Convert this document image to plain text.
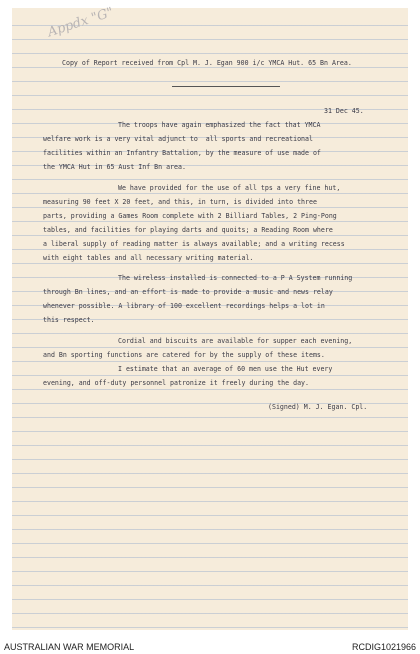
Appdx "G"
Copy of Report received from Cpl M. J. Egan 900 i/c YMCA Hut. 65 Bn Area.
31 Dec 45.
The troops have again emphasized the fact that YMCA
welfare work is a very vital adjunct to  all sports and recreational
facilities within an Infantry Battalion, by the measure of use made of
the YMCA Hut in 65 Aust Inf Bn area.
We have provided for the use of all tps a very fine hut,
measuring 90 feet X 20 feet, and this, in turn, is divided into three
parts, providing a Games Room complete with 2 Billiard Tables, 2 Ping-Pong
tables, and facilities for playing darts and quoits; a Reading Room where
a liberal supply of reading matter is always available; and a writing recess
with eight tables and all necessary writing material.
The wireless installed is connected to a P A System running
through Bn lines, and an effort is made to provide a music and news relay
whenever possible. A library of 100 excellent recordings helps a lot in
this respect.
Cordial and biscuits are available for supper each evening,
and Bn sporting functions are catered for by the supply of these items.
I estimate that an average of 60 men use the Hut every
evening, and off-duty personnel patronize it freely during the day.
(Signed) M. J. Egan. Cpl.
AUSTRALIAN WAR MEMORIAL	RCDIG1021966
